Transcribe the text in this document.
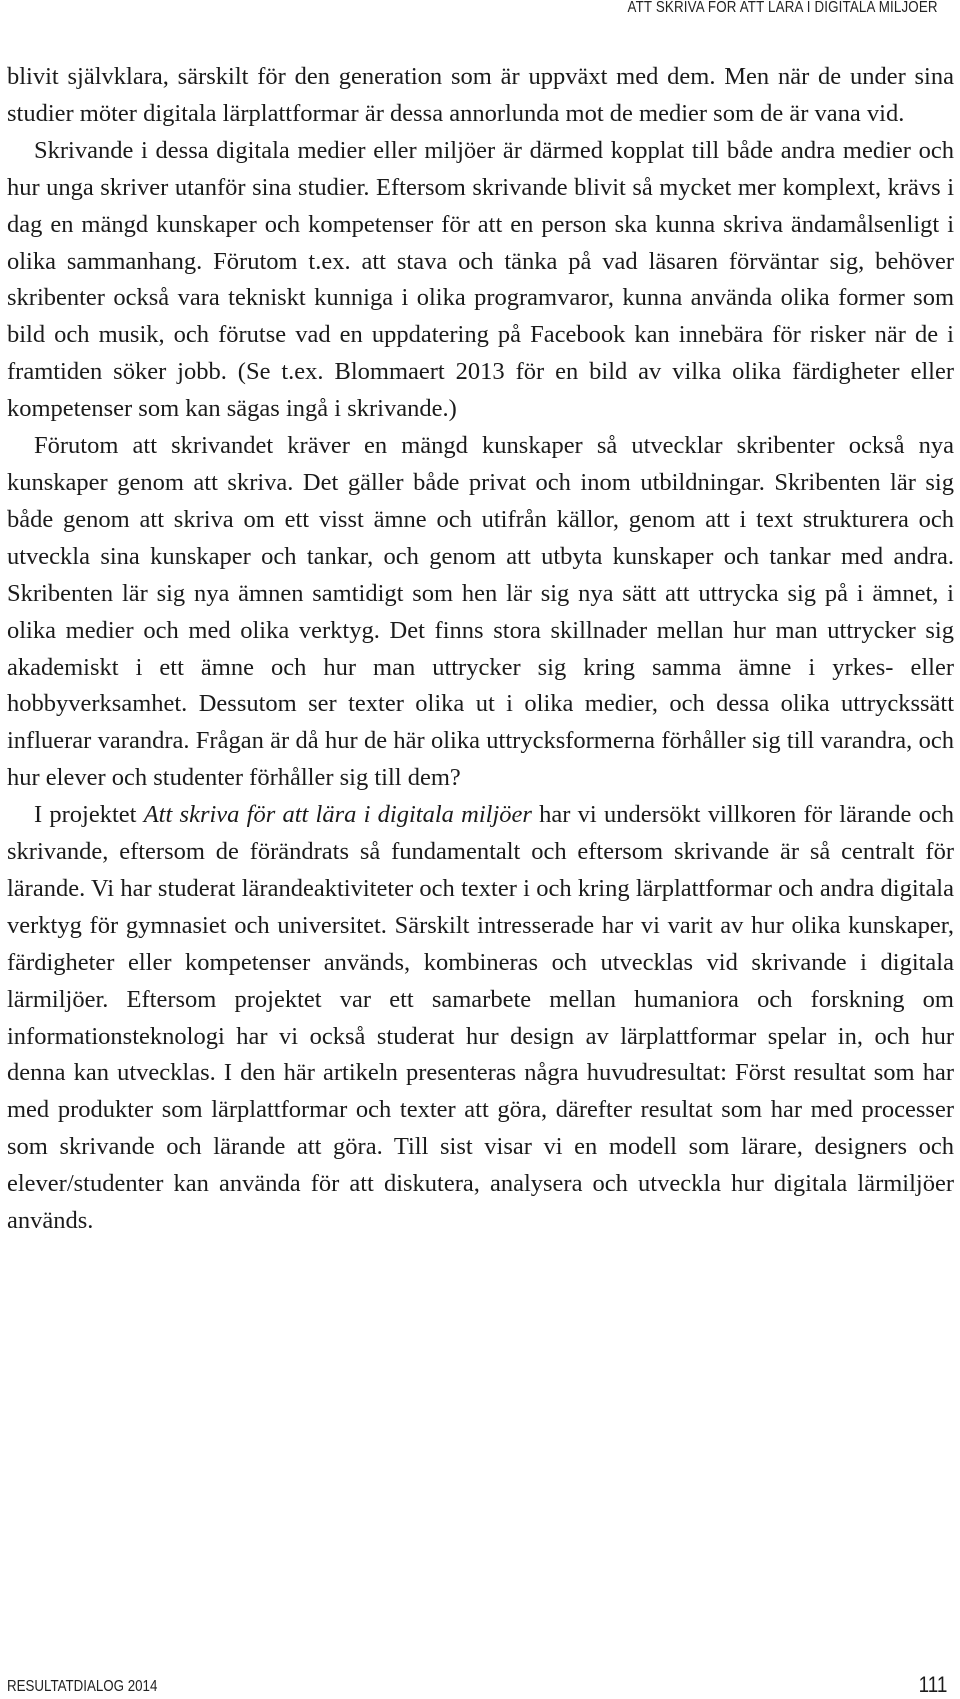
ATT SKRIVA FÖR ATT LÄRA I DIGITALA MILJÖER

blivit självklara, särskilt för den generation som är uppväxt med dem. Men när de under sina studier möter digitala lärplattformar är dessa annorlunda mot de medier som de är vana vid.

Skrivande i dessa digitala medier eller miljöer är därmed kopplat till både andra medier och hur unga skriver utanför sina studier. Eftersom skrivande blivit så mycket mer komplext, krävs i dag en mängd kunskaper och kompetenser för att en person ska kunna skriva ändamålsenligt i olika sammanhang. Förutom t.ex. att stava och tänka på vad läsaren förväntar sig, behöver skribenter också vara tekniskt kunniga i olika programvaror, kunna använda olika former som bild och musik, och förutse vad en uppdatering på Facebook kan innebära för risker när de i framtiden söker jobb. (Se t.ex. Blommaert 2013 för en bild av vilka olika färdigheter eller kompetenser som kan sägas ingå i skrivande.)

Förutom att skrivandet kräver en mängd kunskaper så utvecklar skribenter också nya kunskaper genom att skriva. Det gäller både privat och inom utbildningar. Skribenten lär sig både genom att skriva om ett visst ämne och utifrån källor, genom att i text strukturera och utveckla sina kunskaper och tankar, och genom att utbyta kunskaper och tankar med andra. Skribenten lär sig nya ämnen samtidigt som hen lär sig nya sätt att uttrycka sig på i ämnet, i olika medier och med olika verktyg. Det finns stora skillnader mellan hur man uttrycker sig akademiskt i ett ämne och hur man uttrycker sig kring samma ämne i yrkes- eller hobbyverksamhet. Dessutom ser texter olika ut i olika medier, och dessa olika uttryckssätt influerar varandra. Frågan är då hur de här olika uttrycksformerna förhåller sig till varandra, och hur elever och studenter förhåller sig till dem?

I projektet Att skriva för att lära i digitala miljöer har vi undersökt villkoren för lärande och skrivande, eftersom de förändrats så fundamentalt och eftersom skrivande är så centralt för lärande. Vi har studerat lärandeaktiviteter och texter i och kring lärplattformar och andra digitala verktyg för gymnasiet och universitet. Särskilt intresserade har vi varit av hur olika kunskaper, färdigheter eller kompetenser används, kombineras och utvecklas vid skrivande i digitala lärmiljöer. Eftersom projektet var ett samarbete mellan humaniora och forskning om informationsteknologi har vi också studerat hur design av lärplattformar spelar in, och hur denna kan utvecklas. I den här artikeln presenteras några huvudresultat: Först resultat som har med produkter som lärplattformar och texter att göra, därefter resultat som har med processer som skrivande och lärande att göra. Till sist visar vi en modell som lärare, designers och elever/studenter kan använda för att diskutera, analysera och utveckla hur digitala lärmiljöer används.

RESULTATDIALOG 2014	111
